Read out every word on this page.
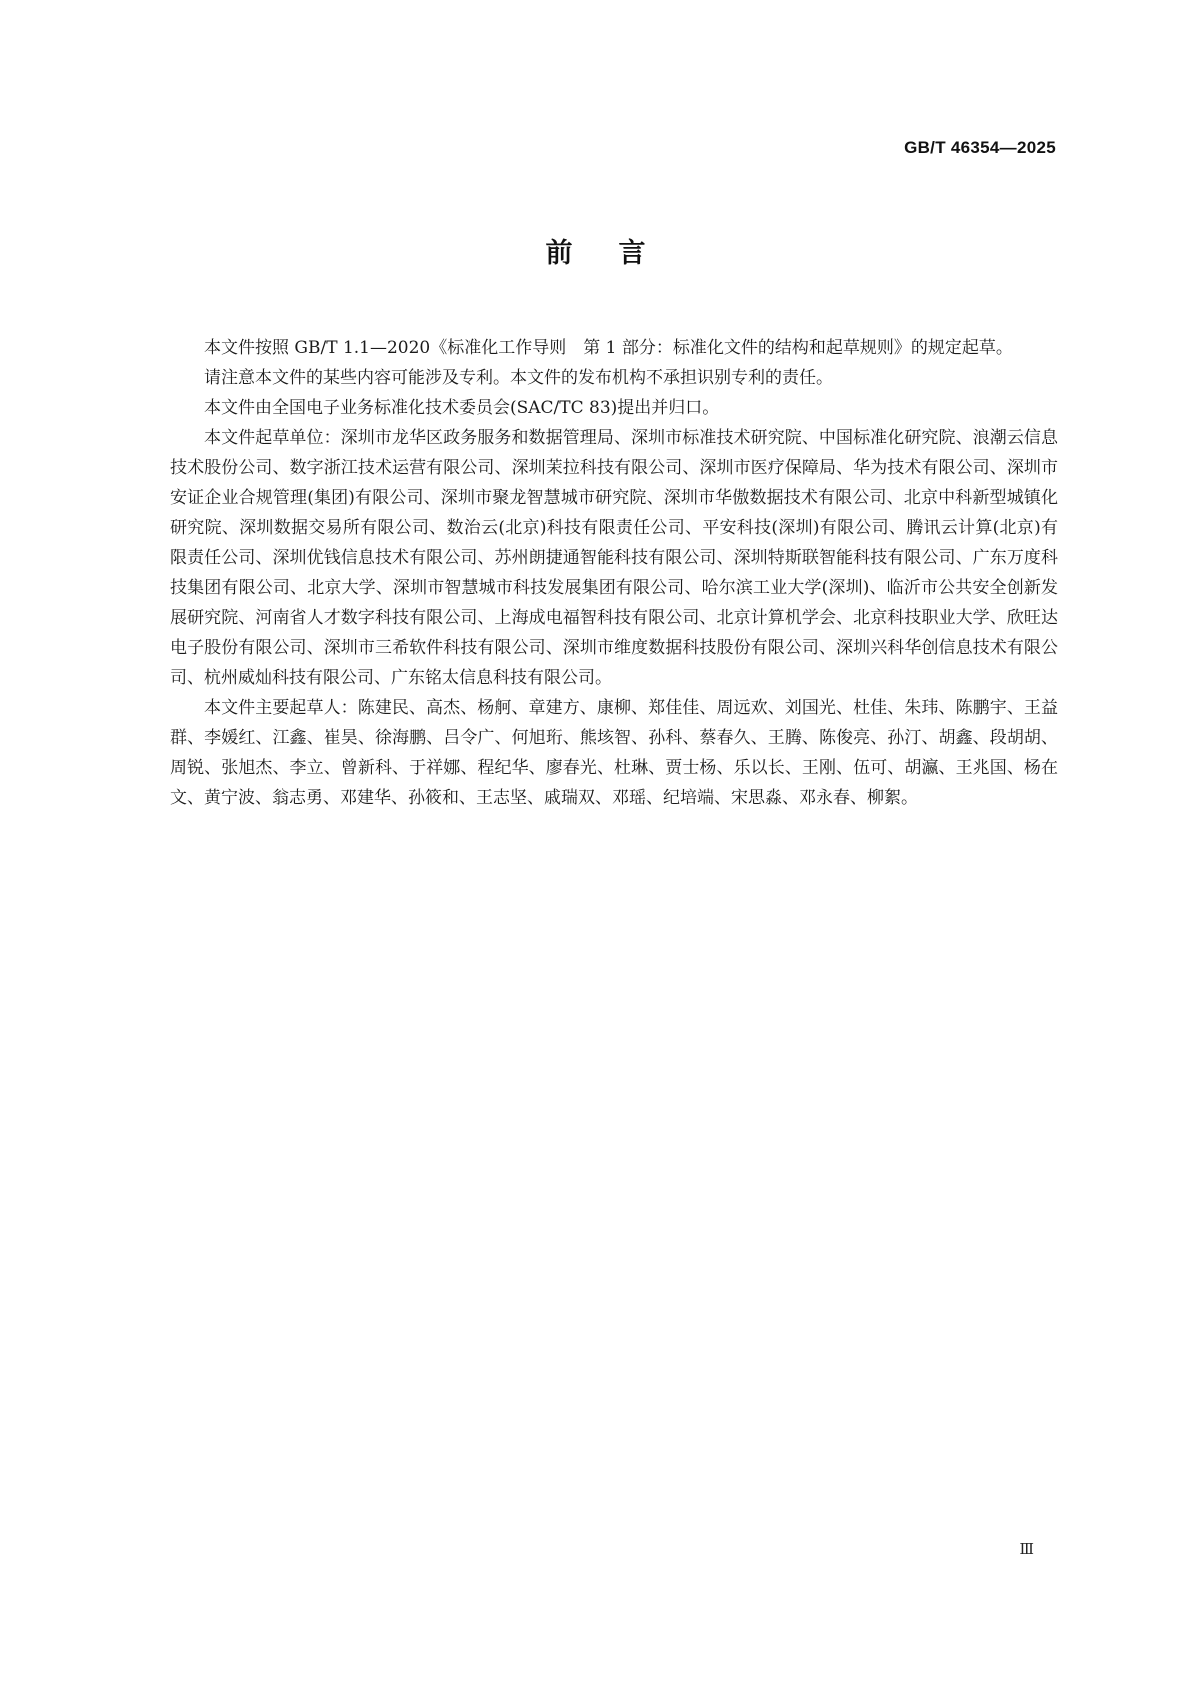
GB/T 46354—2025
前言

本文件按照 GB/T 1.1—2020《标准化工作导则　第 1 部分：标准化文件的结构和起草规则》的规定起草。

请注意本文件的某些内容可能涉及专利。本文件的发布机构不承担识别专利的责任。

本文件由全国电子业务标准化技术委员会(SAC/TC 83)提出并归口。

本文件起草单位：深圳市龙华区政务服务和数据管理局、深圳市标准技术研究院、中国标准化研究院、浪潮云信息技术股份公司、数字浙江技术运营有限公司、深圳茉拉科技有限公司、深圳市医疗保障局、华为技术有限公司、深圳市安证企业合规管理(集团)有限公司、深圳市聚龙智慧城市研究院、深圳市华傲数据技术有限公司、北京中科新型城镇化研究院、深圳数据交易所有限公司、数治云(北京)科技有限责任公司、平安科技(深圳)有限公司、腾讯云计算(北京)有限责任公司、深圳优钱信息技术有限公司、苏州朗捷通智能科技有限公司、深圳特斯联智能科技有限公司、广东万度科技集团有限公司、北京大学、深圳市智慧城市科技发展集团有限公司、哈尔滨工业大学(深圳)、临沂市公共安全创新发展研究院、河南省人才数字科技有限公司、上海成电福智科技有限公司、北京计算机学会、北京科技职业大学、欣旺达电子股份有限公司、深圳市三希软件科技有限公司、深圳市维度数据科技股份有限公司、深圳兴科华创信息技术有限公司、杭州威灿科技有限公司、广东铭太信息科技有限公司。

本文件主要起草人：陈建民、高杰、杨舸、章建方、康柳、郑佳佳、周远欢、刘国光、杜佳、朱玮、陈鹏宇、王益群、李媛红、江鑫、崔昊、徐海鹏、吕令广、何旭珩、熊垓智、孙科、蔡春久、王腾、陈俊亮、孙汀、胡鑫、段胡胡、周锐、张旭杰、李立、曾新科、于祥娜、程纪华、廖春光、杜琳、贾士杨、乐以长、王刚、伍可、胡瀛、王兆国、杨在文、黄宁波、翁志勇、邓建华、孙筱和、王志坚、戚瑞双、邓瑶、纪培端、宋思淼、邓永春、柳絮。

Ⅲ
